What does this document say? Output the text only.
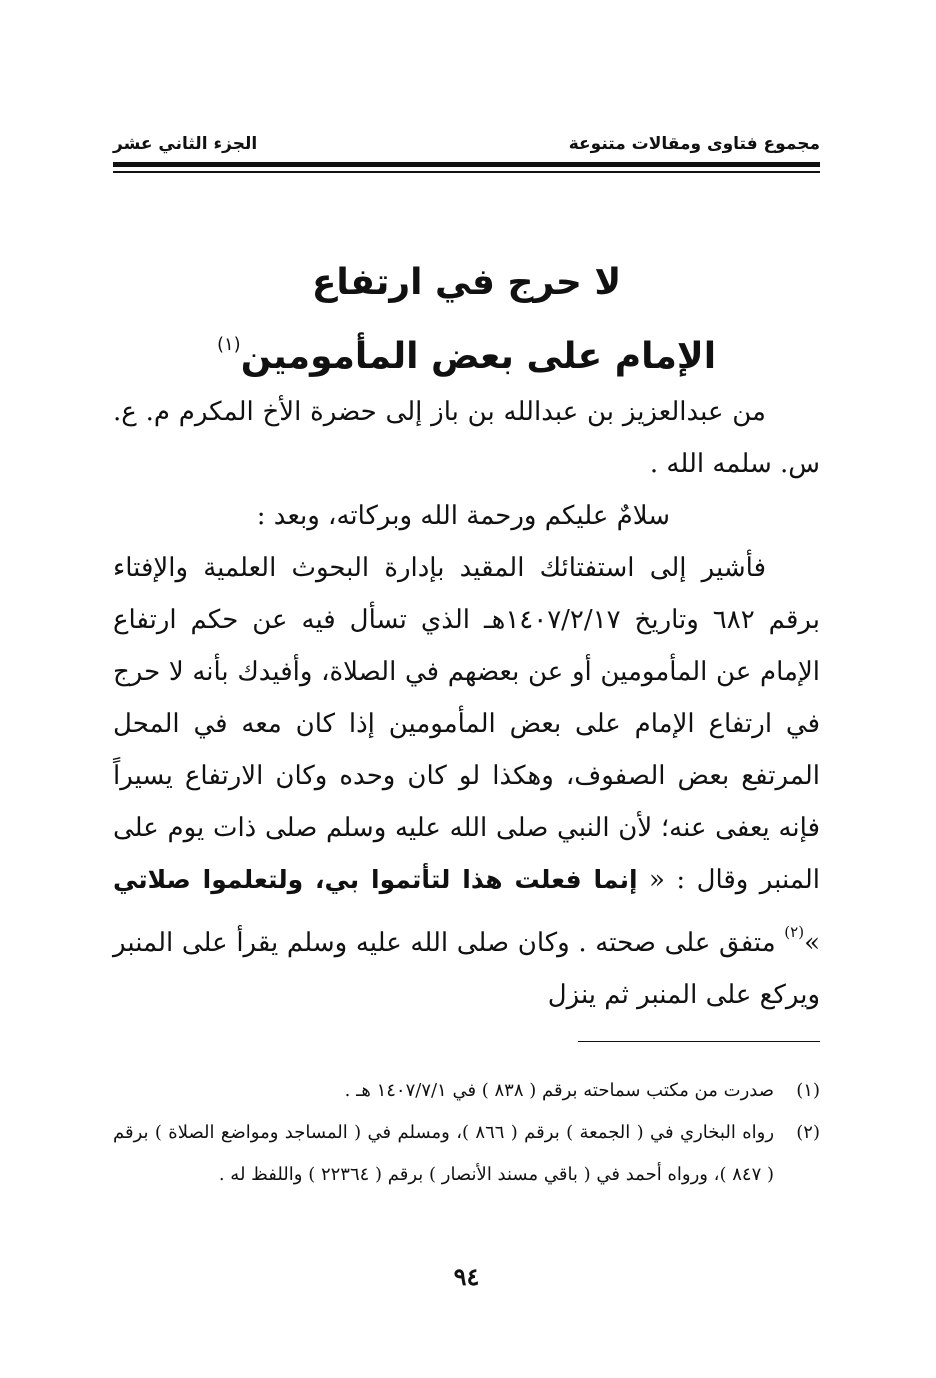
مجموع فتاوى ومقالات متنوعة
الجزء الثاني عشر
لا حرج في ارتفاع
الإمام على بعض المأمومين$^{(١)}$

من عبدالعزيز بن عبدالله بن باز إلى حضرة الأخ المكرم م. ع. س. سلمه الله .

سلامٌ عليكم ورحمة الله وبركاته، وبعد :

فأشير إلى استفتائك المقيد بإدارة البحوث العلمية والإفتاء برقم ٦٨٢ وتاريخ ١٤٠٧/٢/١٧هـ الذي تسأل فيه عن حكم ارتفاع الإمام عن المأمومين أو عن بعضهم في الصلاة، وأفيدك بأنه لا حرج في ارتفاع الإمام على بعض المأمومين إذا كان معه في المحل المرتفع بعض الصفوف، وهكذا لو كان وحده وكان الارتفاع يسيراً فإنه يعفى عنه؛ لأن النبي صلى الله عليه وسلم صلى ذات يوم على المنبر وقال : « إنما فعلت هذا لتأتموا بي، ولتعلموا صلاتي »$^{(٢)}$ متفق على صحته . وكان صلى الله عليه وسلم يقرأ على المنبر ويركع على المنبر ثم ينزل

(١)
صدرت من مكتب سماحته برقم ( ٨٣٨ ) في ١٤٠٧/٧/١ هـ .
(٢)
رواه البخاري في ( الجمعة ) برقم ( ٨٦٦ )، ومسلم في ( المساجد ومواضع الصلاة ) برقم ( ٨٤٧ )، ورواه أحمد في ( باقي مسند الأنصار ) برقم ( ٢٢٣٦٤ ) واللفظ له .
٩٤
